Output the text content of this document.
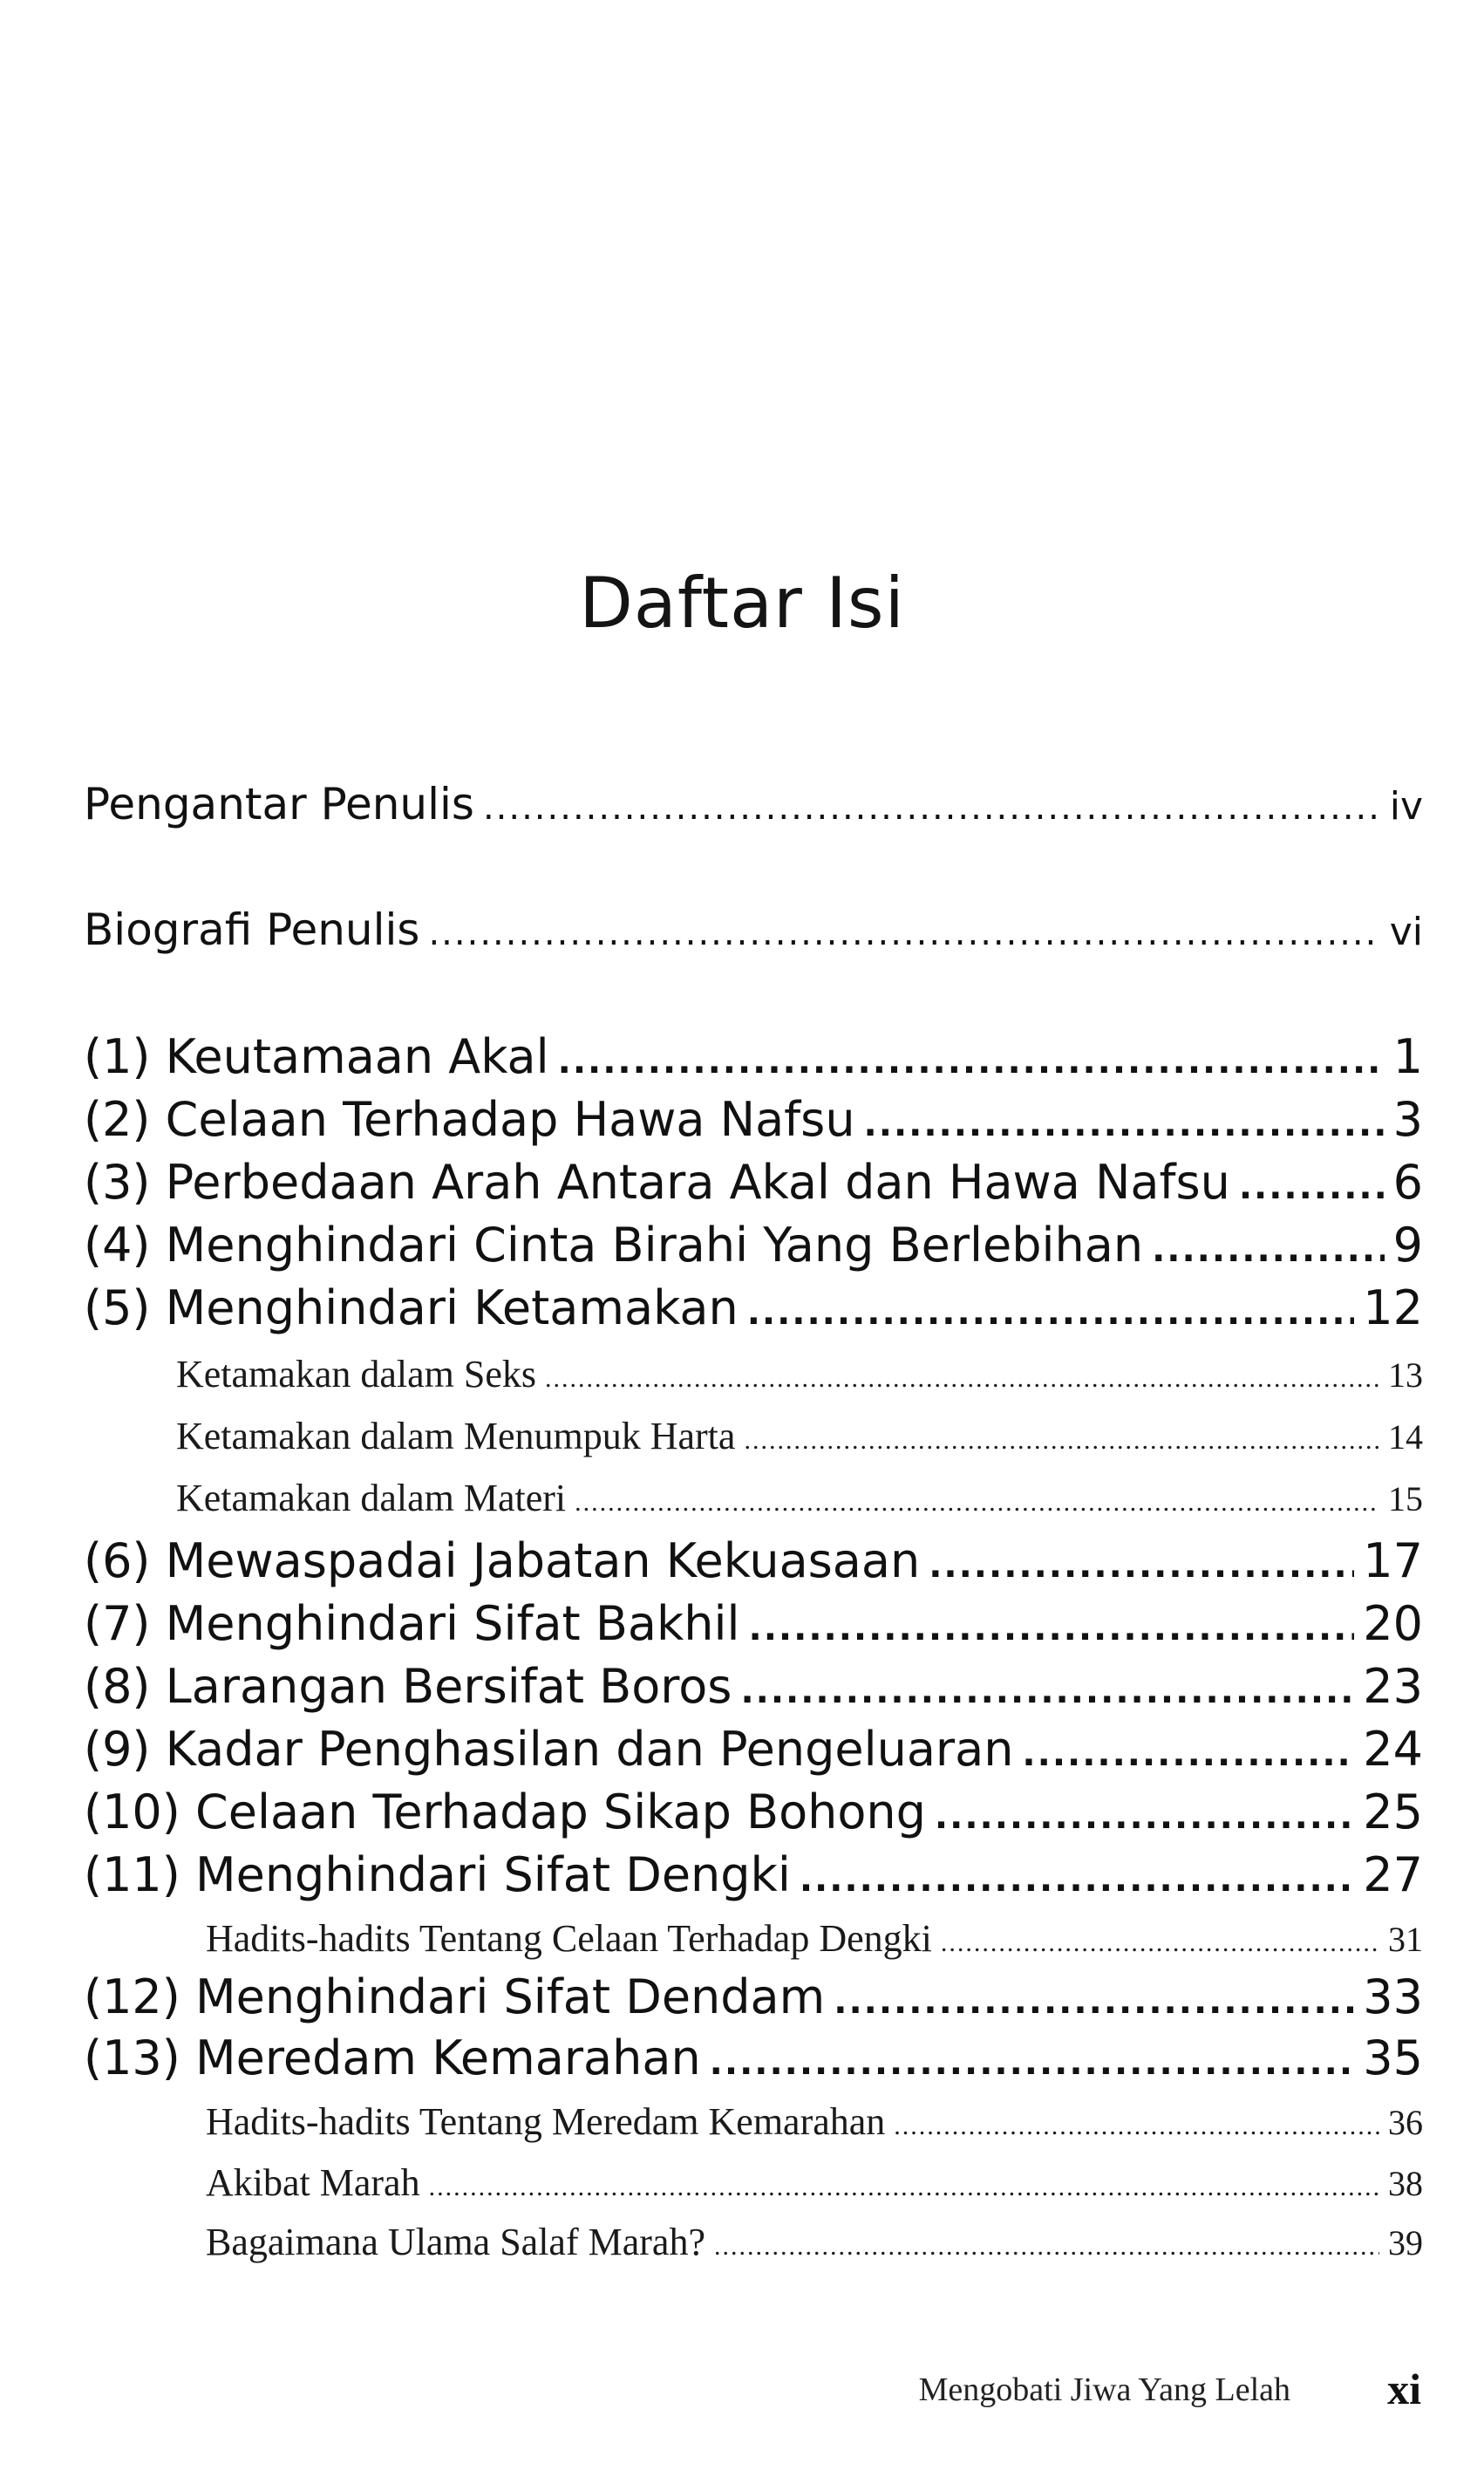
Daftar Isi
Pengantar Penulis .....	iv
Biografi Penulis .....	vi
(1) Keutamaan Akal .....	1
(2) Celaan Terhadap Hawa Nafsu .....	3
(3) Perbedaan Arah Antara Akal dan Hawa Nafsu .....	6
(4) Menghindari Cinta Birahi Yang Berlebihan .....	9
(5) Menghindari Ketamakan .....	12
Ketamakan dalam Seks .....	13
Ketamakan dalam Menumpuk Harta .....	14
Ketamakan dalam Materi .....	15
(6) Mewaspadai Jabatan Kekuasaan .....	17
(7) Menghindari Sifat Bakhil .....	20
(8) Larangan Bersifat Boros .....	23
(9) Kadar Penghasilan dan Pengeluaran .....	24
(10) Celaan Terhadap Sikap Bohong .....	25
(11) Menghindari Sifat Dengki .....	27
Hadits-hadits Tentang Celaan Terhadap Dengki .....	31
(12) Menghindari Sifat Dendam .....	33
(13) Meredam Kemarahan .....	35
Hadits-hadits Tentang Meredam Kemarahan .....	36
Akibat Marah .....	38
Bagaimana Ulama Salaf Marah? .....	39
Mengobati Jiwa Yang Lelah xi
